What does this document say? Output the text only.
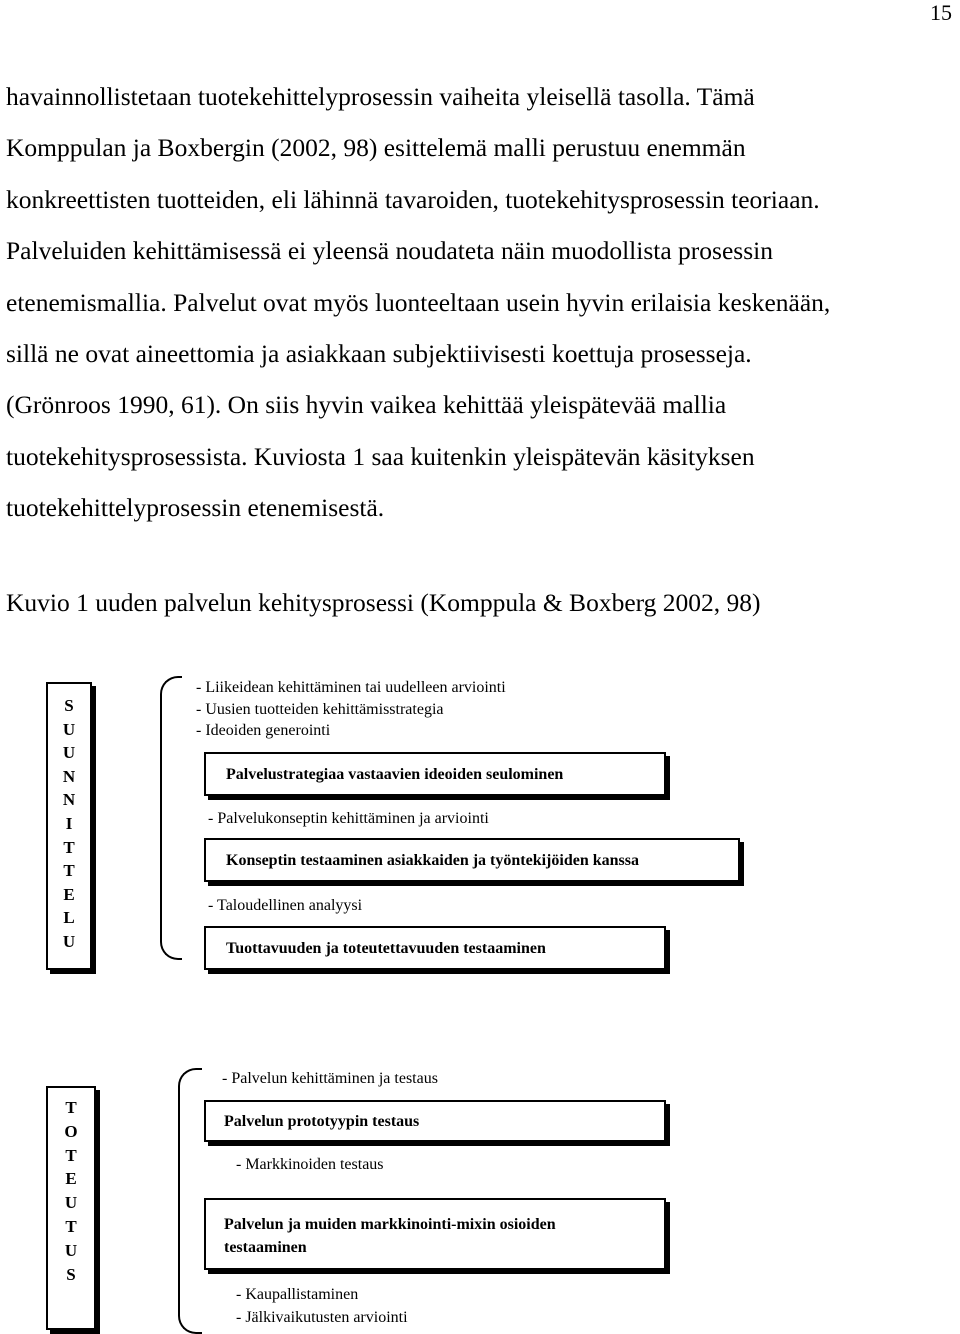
15
havainnollistetaan tuotekehittelyprosessin vaiheita yleisellä tasolla. Tämä
Komppulan ja Boxbergin (2002, 98) esittelemä malli perustuu enemmän
konkreettisten tuotteiden, eli lähinnä tavaroiden, tuotekehitysprosessin teoriaan.
Palveluiden kehittämisessä ei yleensä noudateta näin muodollista prosessin
etenemismallia. Palvelut ovat myös luonteeltaan usein hyvin erilaisia keskenään,
sillä ne ovat aineettomia ja asiakkaan subjektiivisesti koettuja prosesseja.
(Grönroos 1990, 61). On siis hyvin vaikea kehittää yleispätevää mallia
tuotekehitysprosessista. Kuviosta 1 saa kuitenkin yleispätevän käsityksen
tuotekehittelyprosessin etenemisestä.
Kuvio 1 uuden palvelun kehitysprosessi (Komppula & Boxberg 2002, 98)
S
U
U
N
N
I
T
T
E
L
U
- Liikeidean kehittäminen tai uudelleen arviointi
- Uusien tuotteiden kehittämisstrategia
- Ideoiden generointi
Palvelustrategiaa vastaavien ideoiden seulominen
- Palvelukonseptin kehittäminen ja arviointi
Konseptin testaaminen asiakkaiden ja työntekijöiden kanssa
- Taloudellinen analyysi
Tuottavuuden ja toteutettavuuden testaaminen
T
O
T
E
U
T
U
S
- Palvelun kehittäminen ja testaus
Palvelun prototyypin testaus
- Markkinoiden testaus
Palvelun ja muiden markkinointi-mixin osioiden
testaaminen
- Kaupallistaminen
- Jälkivaikutusten arviointi
